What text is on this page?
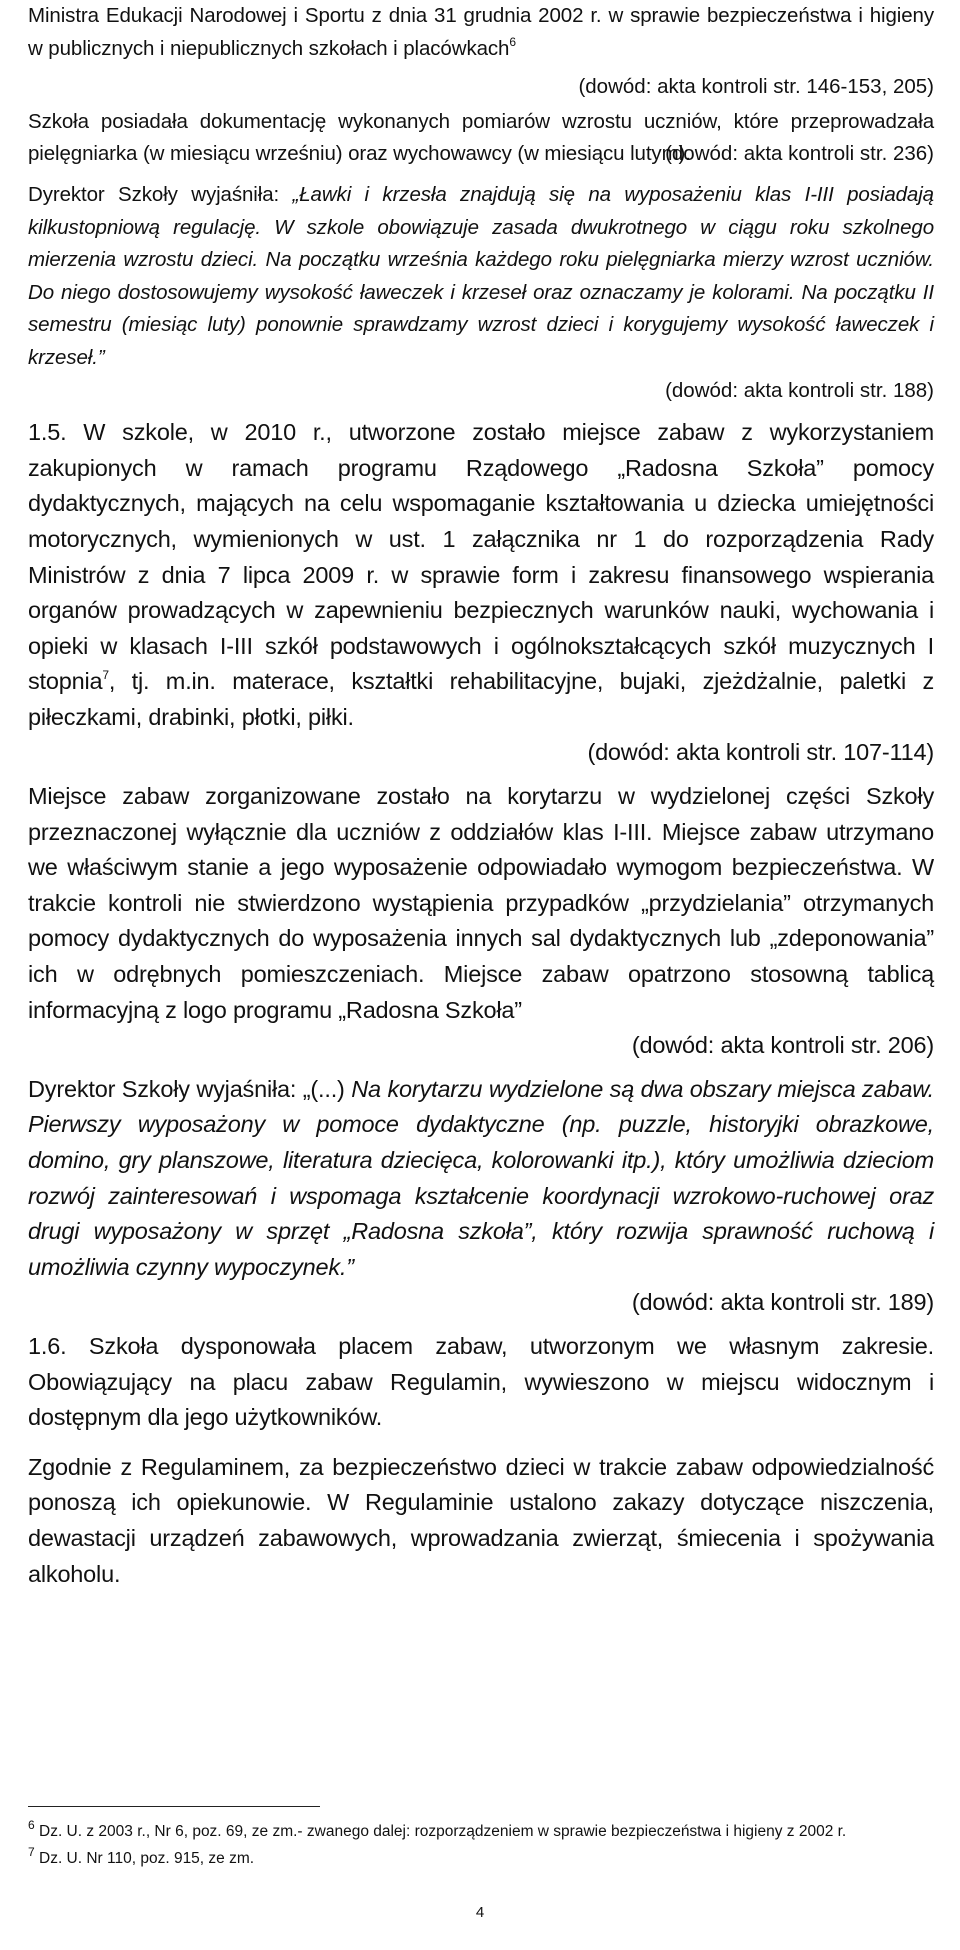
Ministra Edukacji Narodowej i Sportu z dnia 31 grudnia 2002 r. w sprawie bezpieczeństwa i higieny w publicznych i niepublicznych szkołach i placówkach$^6$

(dowód: akta kontroli str. 146-153, 205)

Szkoła posiadała dokumentację wykonanych pomiarów wzrostu uczniów, które przeprowadzała pielęgniarka (w miesiącu wrześniu) oraz wychowawcy (w miesiącu lutym).

(dowód: akta kontroli str. 236)

Dyrektor Szkoły wyjaśniła: „Ławki i krzesła znajdują się na wyposażeniu klas I-III posiadają kilkustopniową regulację. W szkole obowiązuje zasada dwukrotnego w ciągu roku szkolnego mierzenia wzrostu dzieci. Na początku września każdego roku pielęgniarka mierzy wzrost uczniów. Do niego dostosowujemy wysokość ławeczek i krzeseł oraz oznaczamy je kolorami. Na początku II semestru (miesiąc luty) ponownie sprawdzamy wzrost dzieci i korygujemy wysokość ławeczek i krzeseł.”

(dowód: akta kontroli str. 188)

1.5. W szkole, w 2010 r., utworzone zostało miejsce zabaw z wykorzystaniem zakupionych w ramach programu Rządowego „Radosna Szkoła” pomocy dydaktycznych, mających na celu wspomaganie kształtowania u dziecka umiejętności motorycznych, wymienionych w ust. 1 załącznika nr 1 do rozporządzenia Rady Ministrów z dnia 7 lipca 2009 r. w sprawie form i zakresu finansowego wspierania organów prowadzących w zapewnieniu bezpiecznych warunków nauki, wychowania i opieki w klasach I-III szkół podstawowych i ogólnokształcących szkół muzycznych I stopnia$^7$, tj. m.in. materace, kształtki rehabilitacyjne, bujaki, zjeżdżalnie, paletki z piłeczkami, drabinki, płotki, piłki.

(dowód: akta kontroli str. 107-114)

Miejsce zabaw zorganizowane zostało na korytarzu w wydzielonej części Szkoły przeznaczonej wyłącznie dla uczniów z oddziałów klas I-III. Miejsce zabaw utrzymano we właściwym stanie a jego wyposażenie odpowiadało wymogom bezpieczeństwa. W trakcie kontroli nie stwierdzono wystąpienia przypadków „przydzielania” otrzymanych pomocy dydaktycznych do wyposażenia innych sal dydaktycznych lub „zdeponowania” ich w odrębnych pomieszczeniach. Miejsce zabaw opatrzono stosowną tablicą informacyjną z logo programu „Radosna Szkoła”

(dowód: akta kontroli str. 206)

Dyrektor Szkoły wyjaśniła: „(...) Na korytarzu wydzielone są dwa obszary miejsca zabaw. Pierwszy wyposażony w pomoce dydaktyczne (np. puzzle, historyjki obrazkowe, domino, gry planszowe, literatura dziecięca, kolorowanki itp.), który umożliwia dzieciom rozwój zainteresowań i wspomaga kształcenie koordynacji wzrokowo-ruchowej oraz drugi wyposażony w sprzęt „Radosna szkoła”, który rozwija sprawność ruchową i umożliwia czynny wypoczynek.”

(dowód: akta kontroli str. 189)

1.6. Szkoła dysponowała placem zabaw, utworzonym we własnym zakresie. Obowiązujący na placu zabaw Regulamin, wywieszono w miejscu widocznym i dostępnym dla jego użytkowników.

Zgodnie z Regulaminem, za bezpieczeństwo dzieci w trakcie zabaw odpowiedzialność ponoszą ich opiekunowie. W Regulaminie ustalono zakazy dotyczące niszczenia, dewastacji urządzeń zabawowych, wprowadzania zwierząt, śmiecenia i spożywania alkoholu.

$^6$ Dz. U. z 2003 r., Nr 6, poz. 69, ze zm.- zwanego dalej: rozporządzeniem w sprawie bezpieczeństwa i higieny z 2002 r.

$^7$ Dz. U. Nr 110, poz. 915, ze zm.

4
